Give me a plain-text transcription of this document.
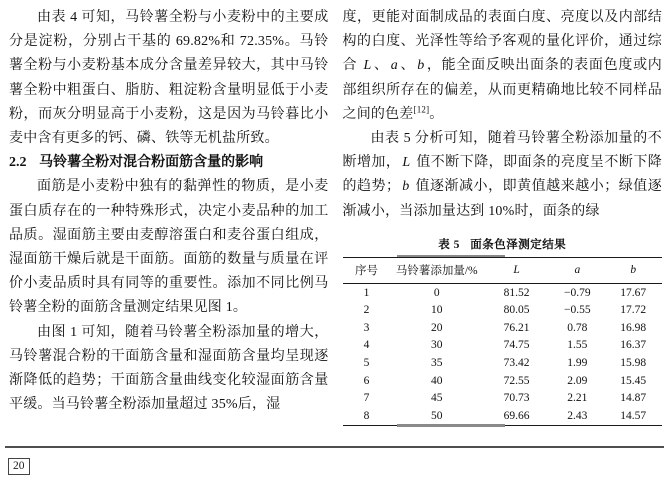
由表 4 可知，马铃薯全粉与小麦粉中的主要成分是淀粉，分别占干基的 69.82%和 72.35%。马铃薯全粉与小麦粉基本成分含量差异较大，其中马铃薯全粉中粗蛋白、脂肪、粗淀粉含量明显低于小麦粉，而灰分明显高于小麦粉，这是因为马铃暮比小麦中含有更多的钙、磷、铁等无机盐所致。

2.2 马铃薯全粉对混合粉面筋含量的影响

面筋是小麦粉中独有的黏弹性的物质，是小麦蛋白质存在的一种特殊形式，决定小麦品种的加工品质。湿面筋主要由麦醇溶蛋白和麦谷蛋白组成，湿面筋干燥后就是干面筋。面筋的数量与质量在评价小麦品质时具有同等的重要性。添加不同比例马铃薯全粉的面筋含量测定结果见图 1。

由图 1 可知，随着马铃薯全粉添加量的增大，马铃薯混合粉的干面筋含量和湿面筋含量均呈现逐渐降低的趋势；干面筋含量曲线变化较湿面筋含量平缓。当马铃薯全粉添加量超过 35%后，湿

度，更能对面制成品的表面白度、亮度以及内部结构的白度、光泽性等给予客观的量化评价，通过综合 L 、 a 、 b ，能全面反映出面条的表面色度或内部组织所存在的偏差，从而更精确地比较不同样品之间的色差[12]。

由表 5 分析可知，随着马铃薯全粉添加量的不断增加， L 值不断下降，即面条的亮度呈不断下降的趋势； b 值逐渐减小，即黄值越来越小；绿值逐渐减小，当添加量达到 10%时，面条的绿

表 5 面条色泽测定结果
序号	马铃薯添加量/%	L	a	b
1	0	81.52	−0.79	17.67
2	10	80.05	−0.55	17.72
3	20	76.21	0.78	16.98
4	30	74.75	1.55	16.37
5	35	73.42	1.99	15.98
6	40	72.55	2.09	15.45
7	45	70.73	2.21	14.87
8	50	69.66	2.43	14.57
20
